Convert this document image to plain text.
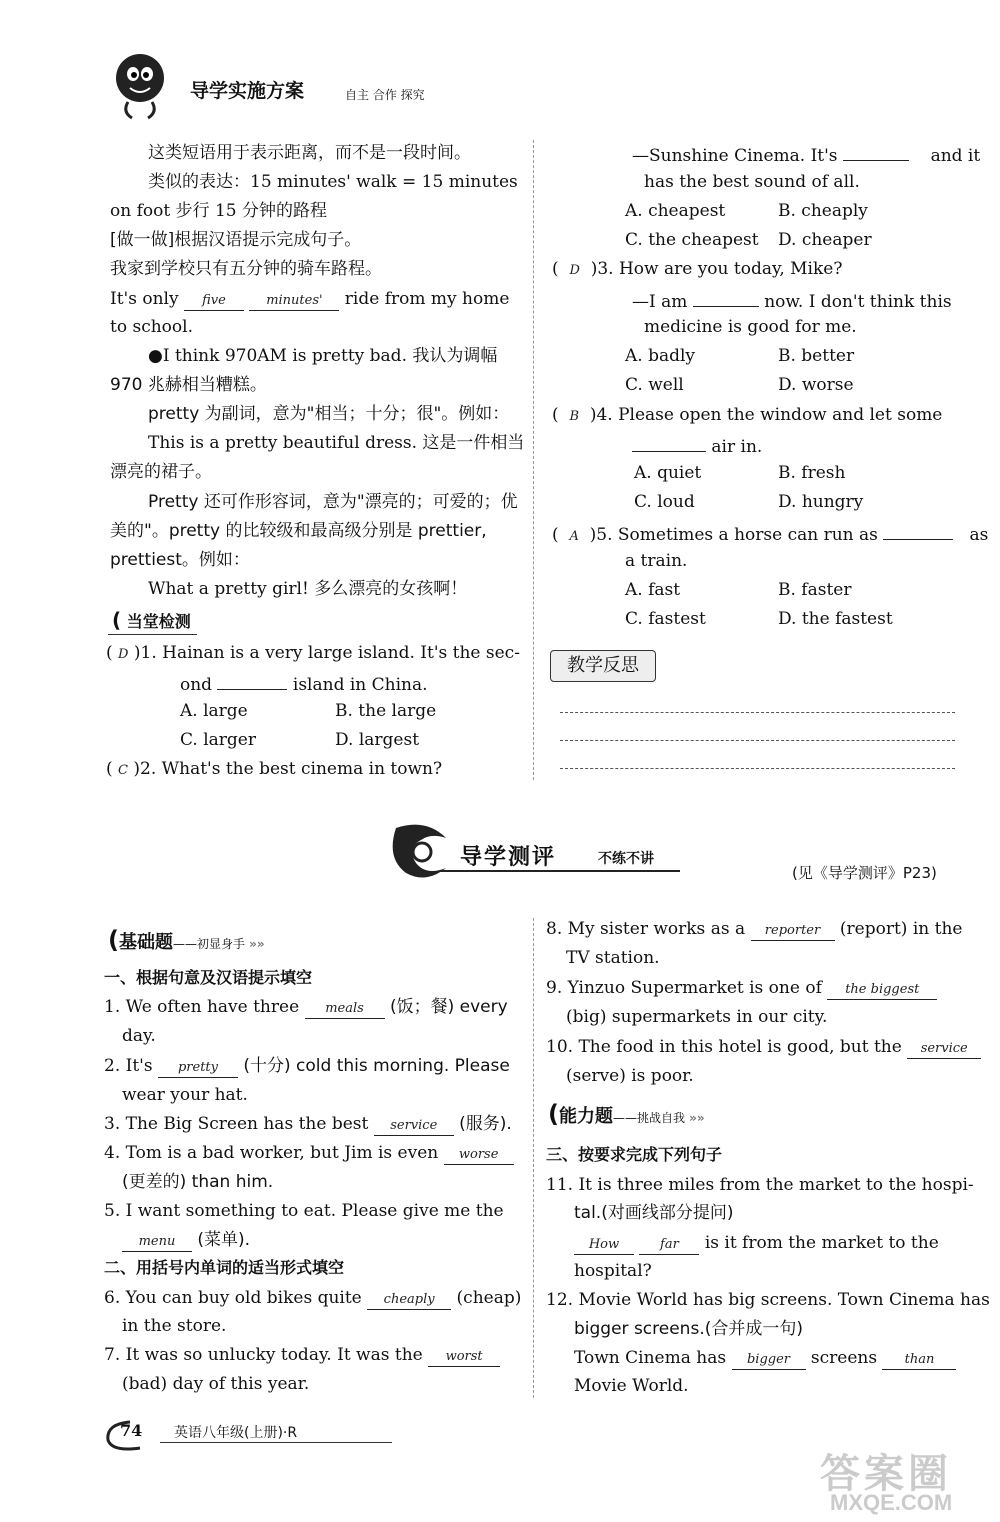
导学实施方案	自主 合作 探究
这类短语用于表示距离，而不是一段时间。
类似的表达：15 minutes' walk = 15 minutes
on foot 步行 15 分钟的路程
[做一做]根据汉语提示完成句子。
我家到学校只有五分钟的骑车路程。
It's only five	minutes' ride from my home
to school.
●I think 970AM is pretty bad. 我认为调幅
970 兆赫相当糟糕。
pretty 为副词，意为"相当；十分；很"。例如：
This is a pretty beautiful dress. 这是一件相当
漂亮的裙子。
Pretty 还可作形容词，意为"漂亮的；可爱的；优
美的"。pretty 的比较级和最高级分别是 prettier,
prettiest。例如：
What a pretty girl! 多么漂亮的女孩啊！
( 当堂检测
( D )1. Hainan is a very large island. It's the sec-
ond	island in China.
A. large	B. the large
C. larger	D. largest
( C )2. What's the best cinema in town?
—Sunshine Cinema. It's	and it
has the best sound of all.
A. cheapest	B. cheaply
C. the cheapest D. cheaper
(  D )3. How are you today, Mike?
—I am	now. I don't think this
medicine is good for me.
A. badly	B. better
C. well	D. worse
(  B )4. Please open the window and let some
air in.
A. quiet	B. fresh
C. loud	D. hungry
(  A )5. Sometimes a horse can run as	as
a train.
A. fast	B. faster
C. fastest	D. the fastest
教学反思
导学测评	不练不讲
(见《导学测评》P23)
(基础题——初显身手 »»
一、根据句意及汉语提示填空
1. We often have three meals (饭；餐) every
day.
2. It's pretty (十分) cold this morning. Please
wear your hat.
3. The Big Screen has the best service (服务).
4. Tom is a bad worker, but Jim is even worse
(更差的) than him.
5. I want something to eat. Please give me the
menu (菜单).
二、用括号内单词的适当形式填空
6. You can buy old bikes quite cheaply (cheap)
in the store.
7. It was so unlucky today. It was the worst
(bad) day of this year.
8. My sister works as a reporter (report) in the
TV station.
9. Yinzuo Supermarket is one of the biggest
(big) supermarkets in our city.
10. The food in this hotel is good, but the service
(serve) is poor.
(能力题——挑战自我 »»
三、按要求完成下列句子
11. It is three miles from the market to the hospi-
tal.(对画线部分提问)
How	far is it from the market to the
hospital?
12. Movie World has big screens. Town Cinema has
bigger screens.(合并成一句)
Town Cinema has bigger screens than
Movie World.
74 英语八年级(上册)·R
答案圈
MXQE.COM
